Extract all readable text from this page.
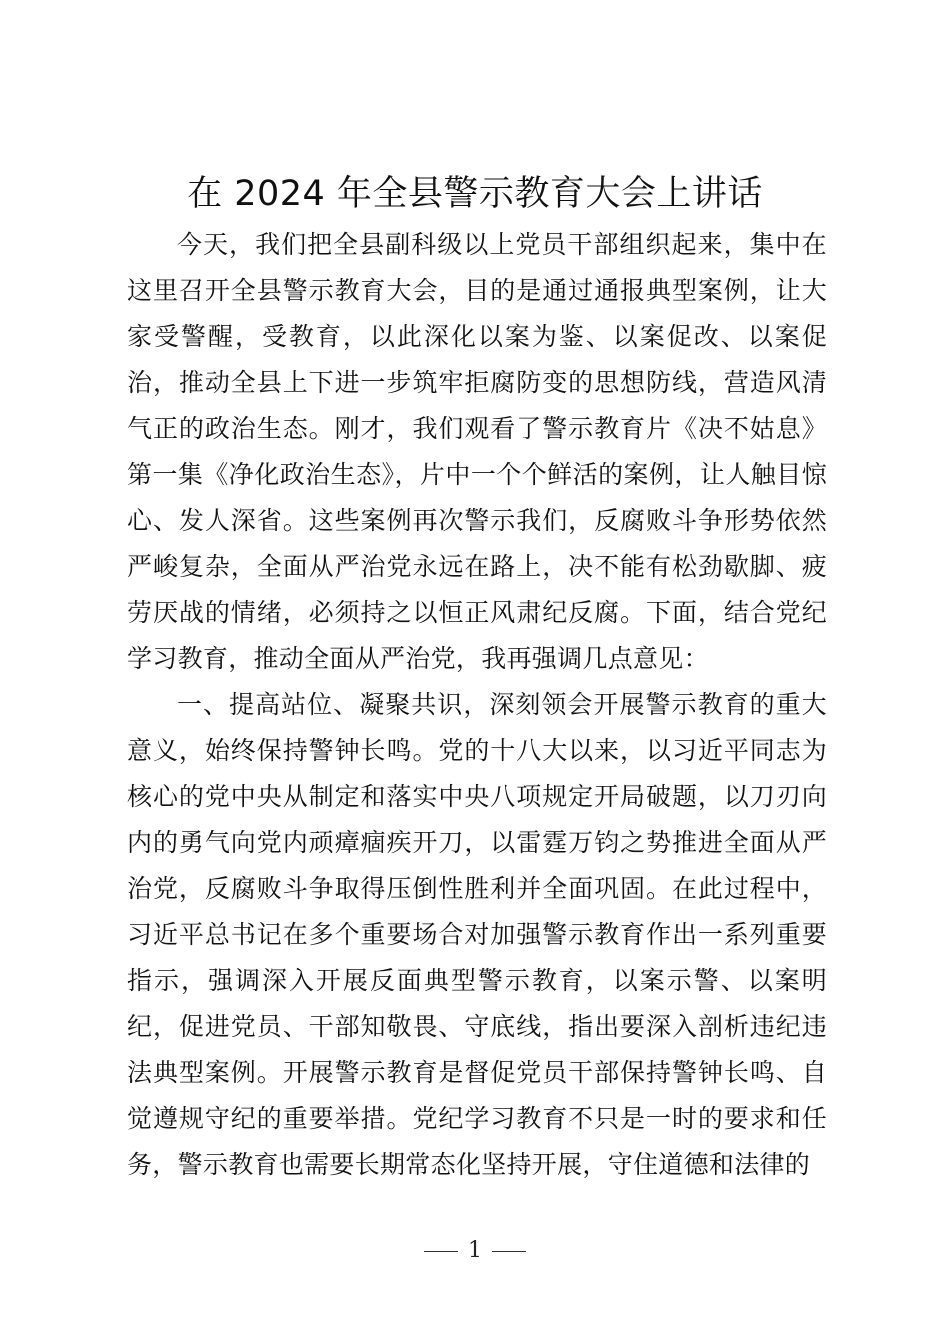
在 2024 年全县警示教育大会上讲话

今天，我们把全县副科级以上党员干部组织起来，集中在这里召开全县警示教育大会，目的是通过通报典型案例，让大家受警醒，受教育，以此深化以案为鉴、以案促改、以案促治，推动全县上下进一步筑牢拒腐防变的思想防线，营造风清气正的政治生态。刚才，我们观看了警示教育片《决不姑息》第一集《净化政治生态》，片中一个个鲜活的案例，让人触目惊心、发人深省。这些案例再次警示我们，反腐败斗争形势依然严峻复杂，全面从严治党永远在路上，决不能有松劲歇脚、疲劳厌战的情绪，必须持之以恒正风肃纪反腐。下面，结合党纪学习教育，推动全面从严治党，我再强调几点意见：

一、提高站位、凝聚共识，深刻领会开展警示教育的重大意义，始终保持警钟长鸣。党的十八大以来，以习近平同志为核心的党中央从制定和落实中央八项规定开局破题，以刀刃向内的勇气向党内顽瘴痼疾开刀，以雷霆万钧之势推进全面从严治党，反腐败斗争取得压倒性胜利并全面巩固。在此过程中，习近平总书记在多个重要场合对加强警示教育作出一系列重要指示，强调深入开展反面典型警示教育，以案示警、以案明纪，促进党员、干部知敬畏、守底线，指出要深入剖析违纪违法典型案例。开展警示教育是督促党员干部保持警钟长鸣、自觉遵规守纪的重要举措。党纪学习教育不只是一时的要求和任务，警示教育也需要长期常态化坚持开展，守住道德和法律的

1
